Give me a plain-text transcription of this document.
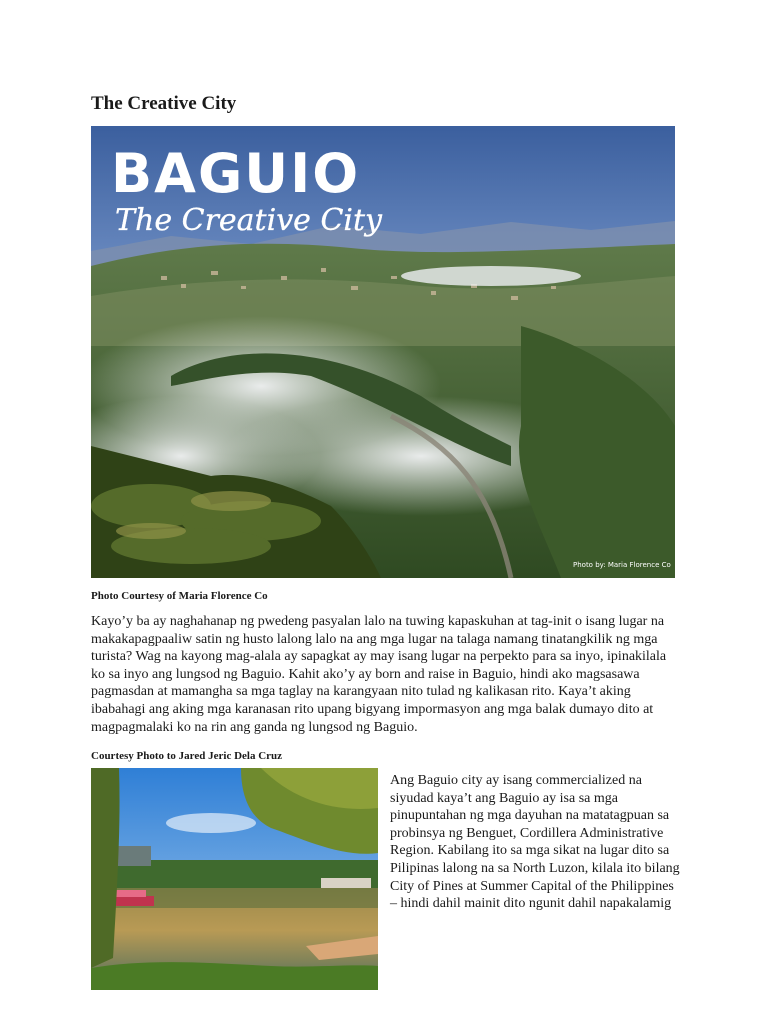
The Creative City
BAGUIO
The Creative City
Photo by: Maria Florence Co
Photo Courtesy of Maria Florence Co

Kayo’y ba ay naghahanap ng pwedeng pasyalan lalo na tuwing kapaskuhan at tag-init o isang lugar na makakapagpaaliw satin ng husto lalong lalo na ang mga lugar na talaga namang tinatangkilik ng mga turista? Wag na kayong mag-alala ay sapagkat ay may isang lugar na perpekto para sa inyo, ipinakilala ko sa inyo ang lungsod ng Baguio. Kahit ako’y ay born and raise in Baguio, hindi ako magsasawa pagmasdan at mamangha sa mga taglay na karangyaan nito tulad ng kalikasan rito. Kaya’t aking ibabahagi ang aking mga karanasan rito upang bigyang impormasyon ang mga balak dumayo dito at magpagmalaki ko na rin ang ganda ng lungsod ng Baguio.

Courtesy Photo to Jared Jeric Dela Cruz

Ang Baguio city ay isang commercialized na siyudad kaya’t ang Baguio ay isa sa mga pinupuntahan ng mga dayuhan na matatagpuan sa probinsya ng Benguet, Cordillera Administrative Region. Kabilang ito sa mga sikat na lugar dito sa Pilipinas lalong na sa North Luzon, kilala ito bilang City of Pines at Summer Capital of the Philippines – hindi dahil mainit dito ngunit dahil napakalamig
